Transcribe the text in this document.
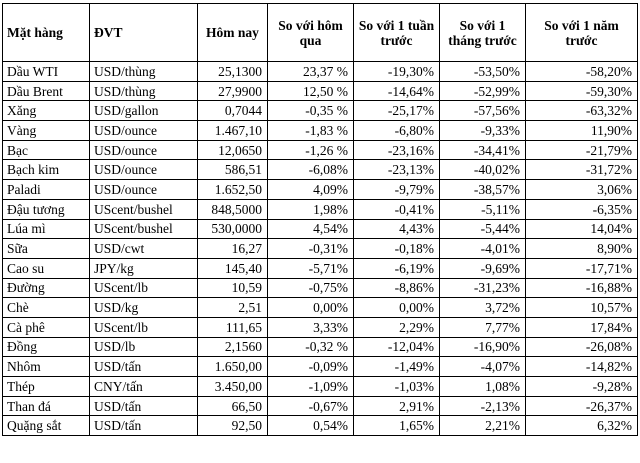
Mặt hàng	ĐVT	Hôm nay	So với hôm qua	So với 1 tuần trước	So với 1 tháng trước	So với 1 năm trước
Dầu WTI	USD/thùng	25,1300	23,37 %	-19,30%	-53,50%	-58,20%
Dầu Brent	USD/thùng	27,9900	12,50 %	-14,64%	-52,99%	-59,30%
Xăng	USD/gallon	0,7044	-0,35 %	-25,17%	-57,56%	-63,32%
Vàng	USD/ounce	1.467,10	-1,83 %	-6,80%	-9,33%	11,90%
Bạc	USD/ounce	12,0650	-1,26 %	-23,16%	-34,41%	-21,79%
Bạch kim	USD/ounce	586,51	-6,08%	-23,13%	-40,02%	-31,72%
Paladi	USD/ounce	1.652,50	4,09%	-9,79%	-38,57%	3,06%
Đậu tương	UScent/bushel	848,5000	1,98%	-0,41%	-5,11%	-6,35%
Lúa mì	UScent/bushel	530,0000	4,54%	4,43%	-5,44%	14,04%
Sữa	USD/cwt	16,27	-0,31%	-0,18%	-4,01%	8,90%
Cao su	JPY/kg	145,40	-5,71%	-6,19%	-9,69%	-17,71%
Đường	UScent/lb	10,59	-0,75%	-8,86%	-31,23%	-16,88%
Chè	USD/kg	2,51	0,00%	0,00%	3,72%	10,57%
Cà phê	UScent/lb	111,65	3,33%	2,29%	7,77%	17,84%
Đồng	USD/lb	2,1560	-0,32 %	-12,04%	-16,90%	-26,08%
Nhôm	USD/tấn	1.650,00	-0,09%	-1,49%	-4,07%	-14,82%
Thép	CNY/tấn	3.450,00	-1,09%	-1,03%	1,08%	-9,28%
Than đá	USD/tấn	66,50	-0,67%	2,91%	-2,13%	-26,37%
Quặng sắt	USD/tấn	92,50	0,54%	1,65%	2,21%	6,32%
